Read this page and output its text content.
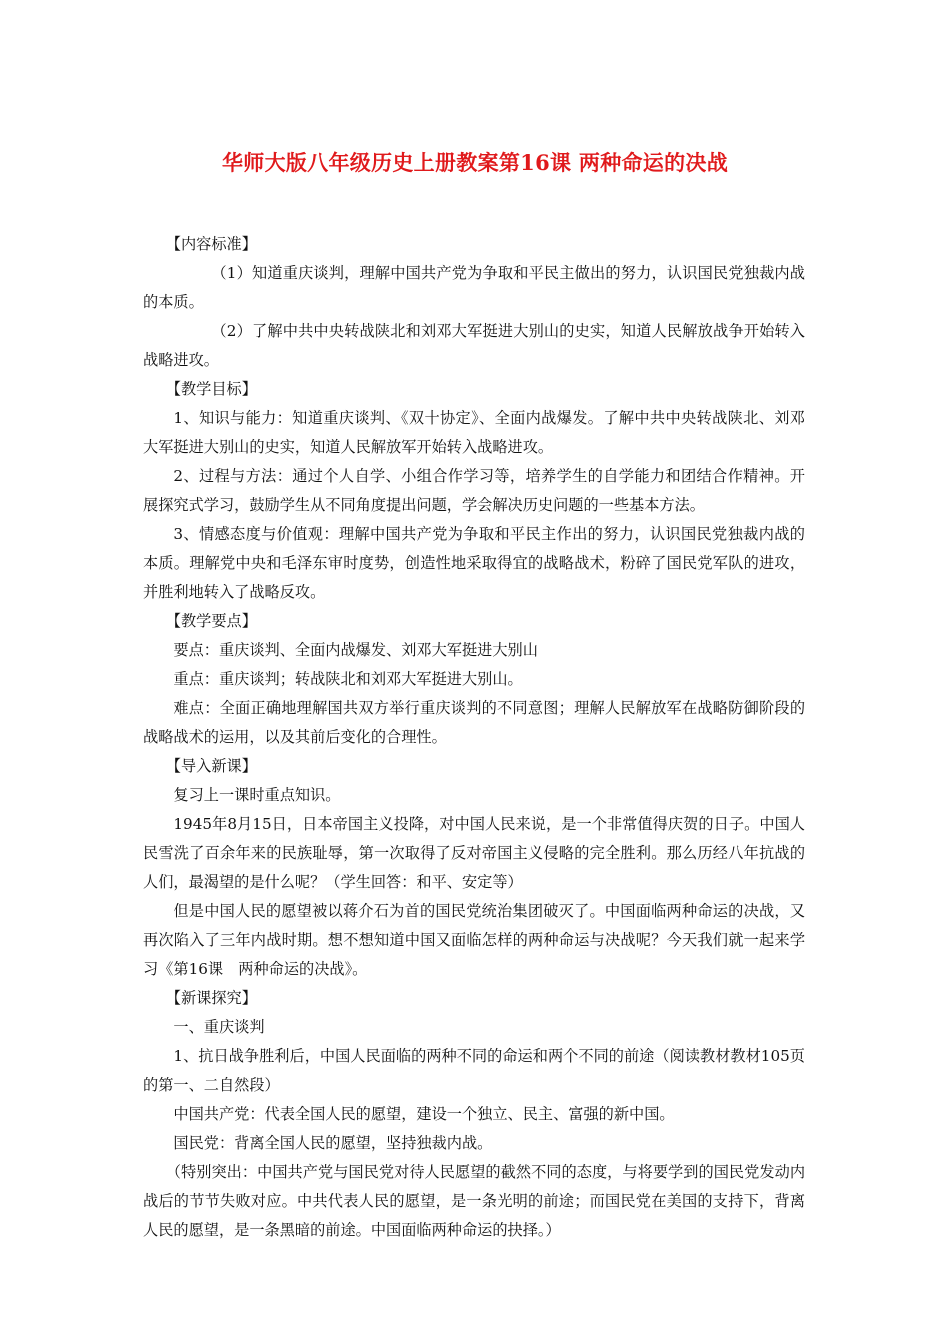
华师大版八年级历史上册教案第16课 两种命运的决战

【内容标准】

（1）知道重庆谈判，理解中国共产党为争取和平民主做出的努力，认识国民党独裁内战的本质。

（2）了解中共中央转战陕北和刘邓大军挺进大别山的史实，知道人民解放战争开始转入战略进攻。

【教学目标】

1、知识与能力：知道重庆谈判、《双十协定》、全面内战爆发。了解中共中央转战陕北、刘邓大军挺进大别山的史实，知道人民解放军开始转入战略进攻。

2、过程与方法：通过个人自学、小组合作学习等，培养学生的自学能力和团结合作精神。开展探究式学习，鼓励学生从不同角度提出问题，学会解决历史问题的一些基本方法。

3、情感态度与价值观：理解中国共产党为争取和平民主作出的努力，认识国民党独裁内战的本质。理解党中央和毛泽东审时度势，创造性地采取得宜的战略战术，粉碎了国民党军队的进攻，并胜利地转入了战略反攻。

【教学要点】

要点：重庆谈判、全面内战爆发、刘邓大军挺进大别山

重点：重庆谈判；转战陕北和刘邓大军挺进大别山。

难点：全面正确地理解国共双方举行重庆谈判的不同意图；理解人民解放军在战略防御阶段的战略战术的运用，以及其前后变化的合理性。

【导入新课】

复习上一课时重点知识。

1945年8月15日，日本帝国主义投降，对中国人民来说，是一个非常值得庆贺的日子。中国人民雪洗了百余年来的民族耻辱，第一次取得了反对帝国主义侵略的完全胜利。那么历经八年抗战的人们，最渴望的是什么呢？（学生回答：和平、安定等）

但是中国人民的愿望被以蒋介石为首的国民党统治集团破灭了。中国面临两种命运的决战，又再次陷入了三年内战时期。想不想知道中国又面临怎样的两种命运与决战呢？今天我们就一起来学习《第16课　两种命运的决战》。

【新课探究】

一、重庆谈判

1、抗日战争胜利后，中国人民面临的两种不同的命运和两个不同的前途（阅读教材教材105页的第一、二自然段）

中国共产党：代表全国人民的愿望，建设一个独立、民主、富强的新中国。

国民党：背离全国人民的愿望，坚持独裁内战。

（特别突出：中国共产党与国民党对待人民愿望的截然不同的态度，与将要学到的国民党发动内战后的节节失败对应。中共代表人民的愿望，是一条光明的前途；而国民党在美国的支持下，背离人民的愿望，是一条黑暗的前途。中国面临两种命运的抉择。）
